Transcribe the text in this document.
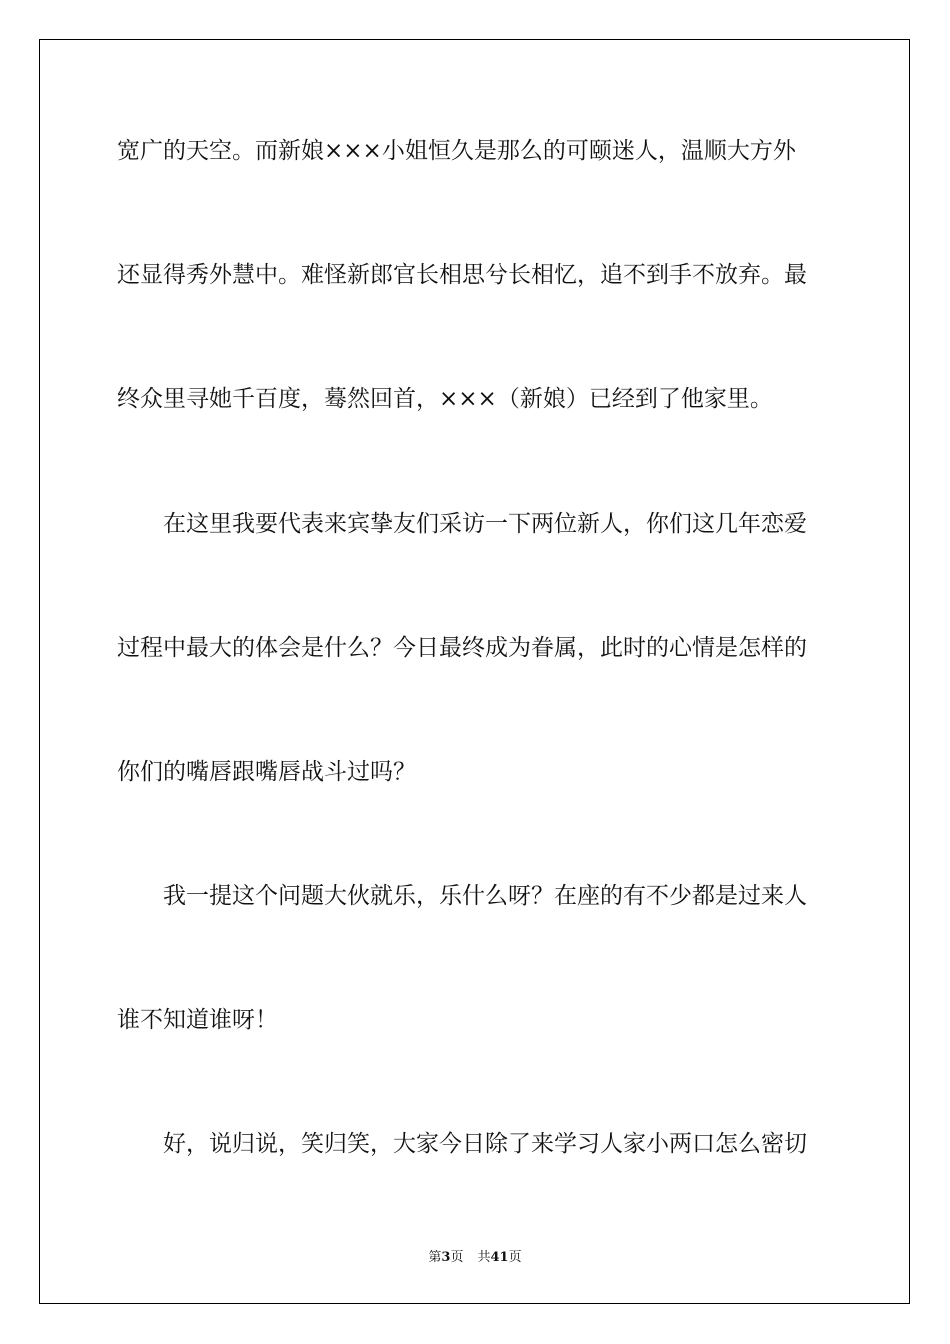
宽广的天空。而新娘×××小姐恒久是那么的可颐迷人，温顺大方外
还显得秀外慧中。难怪新郎官长相思兮长相忆，追不到手不放弃。最
终众里寻她千百度，蓦然回首，×××（新娘）已经到了他家里。
在这里我要代表来宾挚友们采访一下两位新人，你们这几年恋爱
过程中最大的体会是什么？今日最终成为眷属，此时的心情是怎样的
你们的嘴唇跟嘴唇战斗过吗？
我一提这个问题大伙就乐，乐什么呀？在座的有不少都是过来人
谁不知道谁呀！
好，说归说，笑归笑，大家今日除了来学习人家小两口怎么密切
第3页 共41页
